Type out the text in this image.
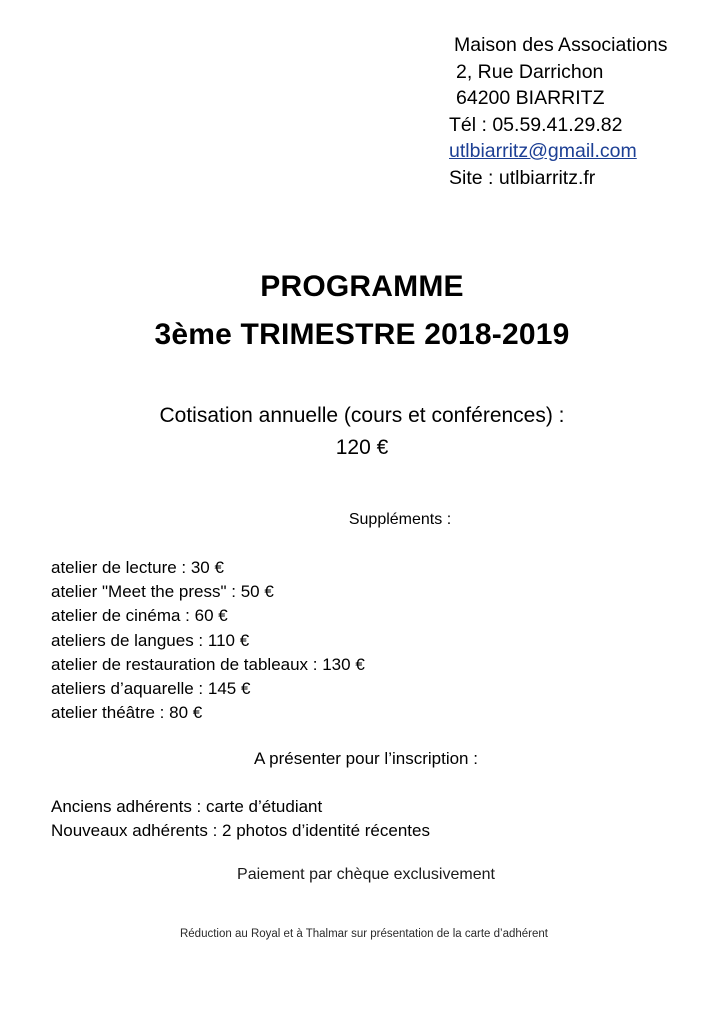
Maison des Associations
2, Rue Darrichon
64200 BIARRITZ
Tél : 05.59.41.29.82
utlbiarritz@gmail.com
Site : utlbiarritz.fr
PROGRAMME
3ème TRIMESTRE 2018-2019
Cotisation annuelle (cours et conférences) :
120 €
Suppléments :
atelier de lecture : 30 €
atelier "Meet the press" : 50 €
atelier de cinéma : 60 €
ateliers de langues : 110 €
atelier de restauration de tableaux : 130 €
ateliers d’aquarelle : 145 €
atelier théâtre : 80 €
A présenter pour l’inscription :
Anciens adhérents : carte d’étudiant
Nouveaux adhérents : 2 photos d’identité récentes
Paiement par chèque exclusivement
Réduction au Royal et à Thalmar sur présentation de la carte d’adhérent
